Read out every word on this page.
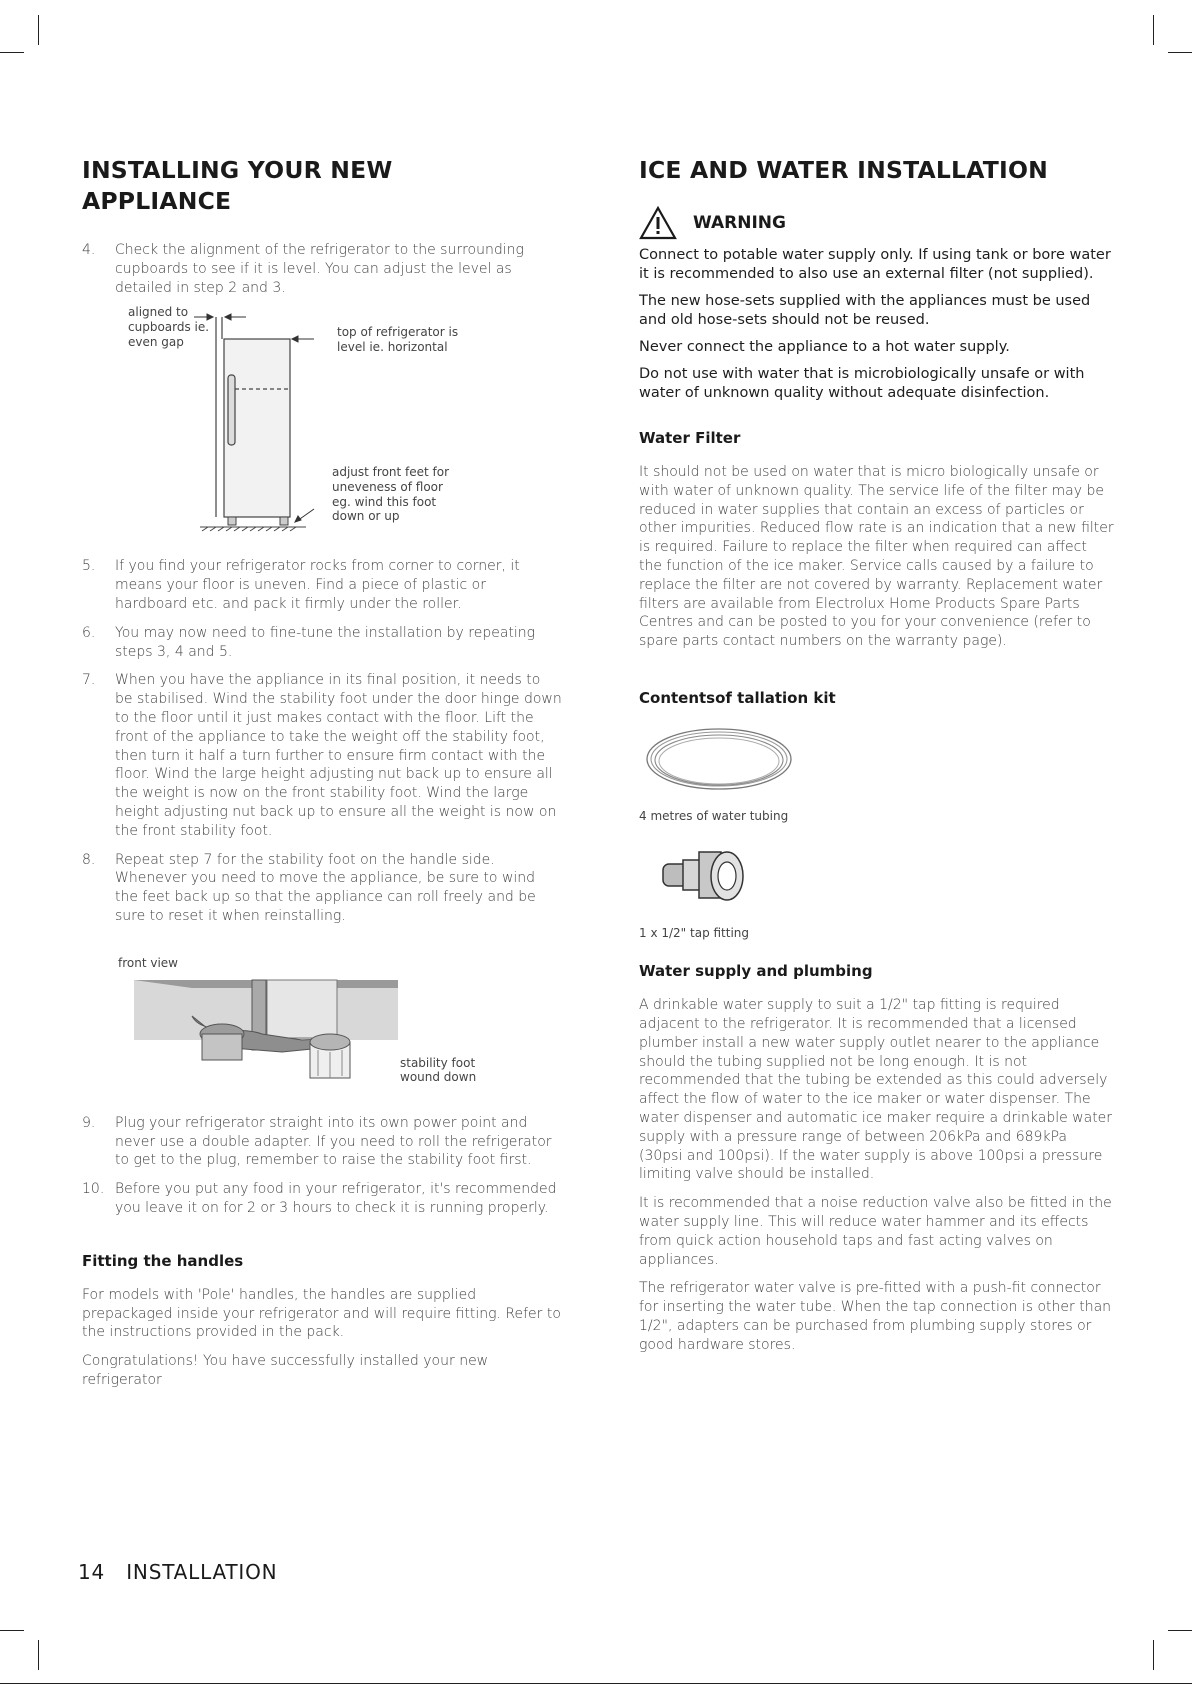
INSTALLING YOUR NEW APPLIANCE
4. Check the alignment of the refrigerator to the surrounding cupboards to see if it is level. You can adjust the level as detailed in step 2 and 3.

aligned to cupboards ie. even gap
top of refrigerator is level ie. horizontal
adjust front feet for uneveness of floor eg. wind this foot down or up
5. If you find your refrigerator rocks from corner to corner, it means your floor is uneven. Find a piece of plastic or hardboard etc. and pack it firmly under the roller.

6. You may now need to fine-tune the installation by repeating steps 3, 4 and 5.

7. When you have the appliance in its final position, it needs to be stabilised. Wind the stability foot under the door hinge down to the floor until it just makes contact with the floor. Lift the front of the appliance to take the weight off the stability foot, then turn it half a turn further to ensure firm contact with the floor. Wind the large height adjusting nut back up to ensure all the weight is now on the front stability foot. Wind the large height adjusting nut back up to ensure all the weight is now on the front stability foot.

8. Repeat step 7 for the stability foot on the handle side. Whenever you need to move the appliance, be sure to wind the feet back up so that the appliance can roll freely and be sure to reset it when reinstalling.

front view
stability foot wound down
9. Plug your refrigerator straight into its own power point and never use a double adapter. If you need to roll the refrigerator to get to the plug, remember to raise the stability foot first.

10. Before you put any food in your refrigerator, it's recommended you leave it on for 2 or 3 hours to check it is running properly.

Fitting the handles

For models with 'Pole' handles, the handles are supplied prepackaged inside your refrigerator and will require fitting. Refer to the instructions provided in the pack.

Congratulations! You have successfully installed your new refrigerator

ICE AND WATER INSTALLATION
WARNING

Connect to potable water supply only. If using tank or bore water it is recommended to also use an external filter (not supplied).

The new hose-sets supplied with the appliances must be used and old hose-sets should not be reused.

Never connect the appliance to a hot water supply.

Do not use with water that is microbiologically unsafe or with water of unknown quality without adequate disinfection.

Water Filter

It should not be used on water that is micro biologically unsafe or with water of unknown quality. The service life of the filter may be reduced in water supplies that contain an excess of particles or other impurities. Reduced flow rate is an indication that a new filter is required. Failure to replace the filter when required can affect the function of the ice maker. Service calls caused by a failure to replace the filter are not covered by warranty. Replacement water filters are available from Electrolux Home Products Spare Parts Centres and can be posted to you for your convenience (refer to spare parts contact numbers on the warranty page).

Contentsof tallation kit
4 metres of water tubing
1 x 1/2" tap fitting
Water supply and plumbing

A drinkable water supply to suit a 1/2" tap fitting is required adjacent to the refrigerator. It is recommended that a licensed plumber install a new water supply outlet nearer to the appliance should the tubing supplied not be long enough. It is not recommended that the tubing be extended as this could adversely affect the flow of water to the ice maker or water dispenser. The water dispenser and automatic ice maker require a drinkable water supply with a pressure range of between 206kPa and 689kPa (30psi and 100psi). If the water supply is above 100psi a pressure limiting valve should be installed.

It is recommended that a noise reduction valve also be fitted in the water supply line. This will reduce water hammer and its effects from quick action household taps and fast acting valves on appliances.

The refrigerator water valve is pre-fitted with a push-fit connector for inserting the water tube. When the tap connection is other than 1/2", adapters can be purchased from plumbing supply stores or good hardware stores.

14 INSTALLATION
